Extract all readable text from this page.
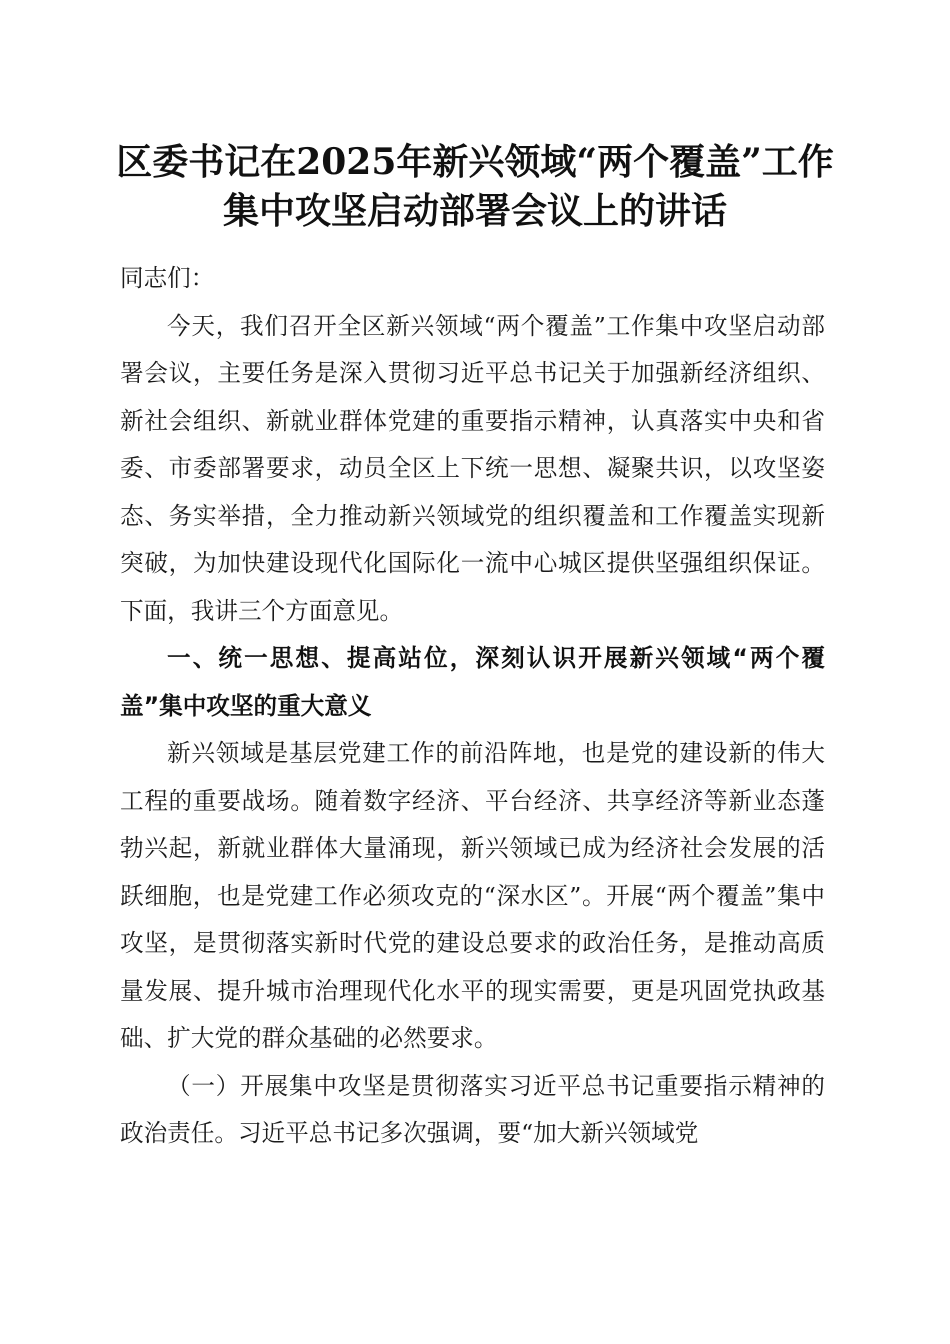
区委书记在2025年新兴领域“两个覆盖”工作集中攻坚启动部署会议上的讲话

同志们：

今天，我们召开全区新兴领域“两个覆盖”工作集中攻坚启动部署会议，主要任务是深入贯彻习近平总书记关于加强新经济组织、新社会组织、新就业群体党建的重要指示精神，认真落实中央和省委、市委部署要求，动员全区上下统一思想、凝聚共识，以攻坚姿态、务实举措，全力推动新兴领域党的组织覆盖和工作覆盖实现新突破，为加快建设现代化国际化一流中心城区提供坚强组织保证。下面，我讲三个方面意见。

一、统一思想、提高站位，深刻认识开展新兴领域“两个覆盖”集中攻坚的重大意义

新兴领域是基层党建工作的前沿阵地，也是党的建设新的伟大工程的重要战场。随着数字经济、平台经济、共享经济等新业态蓬勃兴起，新就业群体大量涌现，新兴领域已成为经济社会发展的活跃细胞，也是党建工作必须攻克的“深水区”。开展“两个覆盖”集中攻坚，是贯彻落实新时代党的建设总要求的政治任务，是推动高质量发展、提升城市治理现代化水平的现实需要，更是巩固党执政基础、扩大党的群众基础的必然要求。

（一）开展集中攻坚是贯彻落实习近平总书记重要指示精神的政治责任。习近平总书记多次强调，要“加大新兴领域党
